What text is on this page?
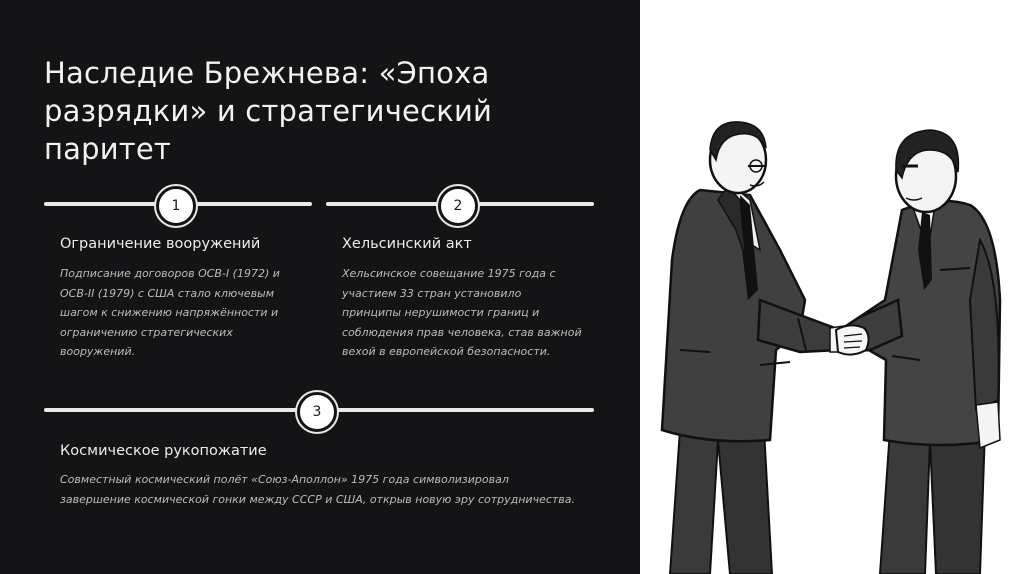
Наследие Брежнева: «Эпоха разрядки» и стратегический паритет
1	2
Ограничение вооружений

Подписание договоров ОСВ-I (1972) и ОСВ-II (1979) с США стало ключевым шагом к снижению напряжённости и ограничению стратегических вооружений.

Хельсинский акт

Хельсинское совещание 1975 года с участием 33 стран установило принципы нерушимости границ и соблюдения прав человека, став важной вехой в европейской безопасности.

3
Космическое рукопожатие

Совместный космический полёт «Союз-Аполлон» 1975 года символизировал завершение космической гонки между СССР и США, открыв новую эру сотрудничества.
